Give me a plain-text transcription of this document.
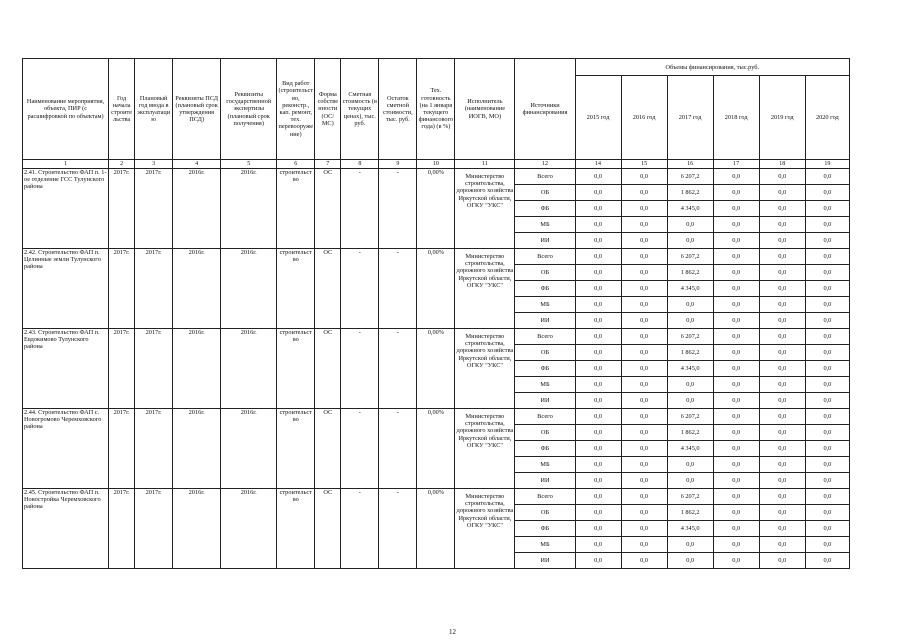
Наименование мероприятия, объекта, ПИР (с расшифровкой по объектам)	Год начала строительства	Плановый год ввода в эксплуатацию	Реквизиты ПСД (плановый срок утверждения ПСД)	Реквизиты государственной экспертизы (плановый срок получения)	Вид работ (строительство, реконстр., кап. ремонт, тех. перевооружение)	Форма собственности (ОС/МС)	Сметная стоимость (в текущих ценах), тыс. руб.	Остаток сметной стоимости, тыс. руб.	Тех. готовность (на 1 января текущего финансового года) (в %)	Исполнитель (наименование ИОГВ, МО)	Источники финансирования	Объемы финансирования, тыс.руб.					
												2015 год	2016 год	2017 год	2018 год	2019 год	2020 год
1	2	3	4	5	6	7	8	9	10	11	12	14	15	16	17	18	19
2.41. Строительство ФАП п. 1-ое отделение ГСС Тулунского района	2017г.	2017г.	2016г.	2016г.	строительство	ОС	-	-	0,00%	Министерство строительства, дорожного хозяйства Иркутской области, ОГКУ "УКС"	Всего	0,0	0,0	6 207,2	0,0	0,0	0,0
											ОБ	0,0	0,0	1 862,2	0,0	0,0	0,0
											ФБ	0,0	0,0	4 345,0	0,0	0,0	0,0
											МБ	0,0	0,0	0,0	0,0	0,0	0,0
											ИИ	0,0	0,0	0,0	0,0	0,0	0,0
2.42. Строительство ФАП п. Целинные земли Тулунского района	2017г.	2017г.	2016г.	2016г.	строительство	ОС	-	-	0,00%	Министерство строительства, дорожного хозяйства Иркутской области, ОГКУ "УКС"	Всего	0,0	0,0	6 207,2	0,0	0,0	0,0
											ОБ	0,0	0,0	1 862,2	0,0	0,0	0,0
											ФБ	0,0	0,0	4 345,0	0,0	0,0	0,0
											МБ	0,0	0,0	0,0	0,0	0,0	0,0
											ИИ	0,0	0,0	0,0	0,0	0,0	0,0
2.43. Строительство ФАП п. Евдокимово Тулунского района	2017г.	2017г.	2016г.	2016г.	строительство	ОС	-	-	0,00%	Министерство строительства, дорожного хозяйства Иркутской области, ОГКУ "УКС"	Всего	0,0	0,0	6 207,2	0,0	0,0	0,0
											ОБ	0,0	0,0	1 862,2	0,0	0,0	0,0
											ФБ	0,0	0,0	4 345,0	0,0	0,0	0,0
											МБ	0,0	0,0	0,0	0,0	0,0	0,0
											ИИ	0,0	0,0	0,0	0,0	0,0	0,0
2.44. Строительство ФАП с. Новогромово Черемховского района	2017г.	2017г.	2016г.	2016г.	строительство	ОС	-	-	0,00%	Министерство строительства, дорожного хозяйства Иркутской области, ОГКУ "УКС"	Всего	0,0	0,0	6 207,2	0,0	0,0	0,0
											ОБ	0,0	0,0	1 862,2	0,0	0,0	0,0
											ФБ	0,0	0,0	4 345,0	0,0	0,0	0,0
											МБ	0,0	0,0	0,0	0,0	0,0	0,0
											ИИ	0,0	0,0	0,0	0,0	0,0	0,0
2.45. Строительство ФАП п. Новостройка Черемховского района	2017г.	2017г.	2016г.	2016г.	строительство	ОС	-	-	0,00%	Министерство строительства, дорожного хозяйства Иркутской области, ОГКУ "УКС"	Всего	0,0	0,0	6 207,2	0,0	0,0	0,0
											ОБ	0,0	0,0	1 862,2	0,0	0,0	0,0
											ФБ	0,0	0,0	4 345,0	0,0	0,0	0,0
											МБ	0,0	0,0	0,0	0,0	0,0	0,0
											ИИ	0,0	0,0	0,0	0,0	0,0	0,0
12
